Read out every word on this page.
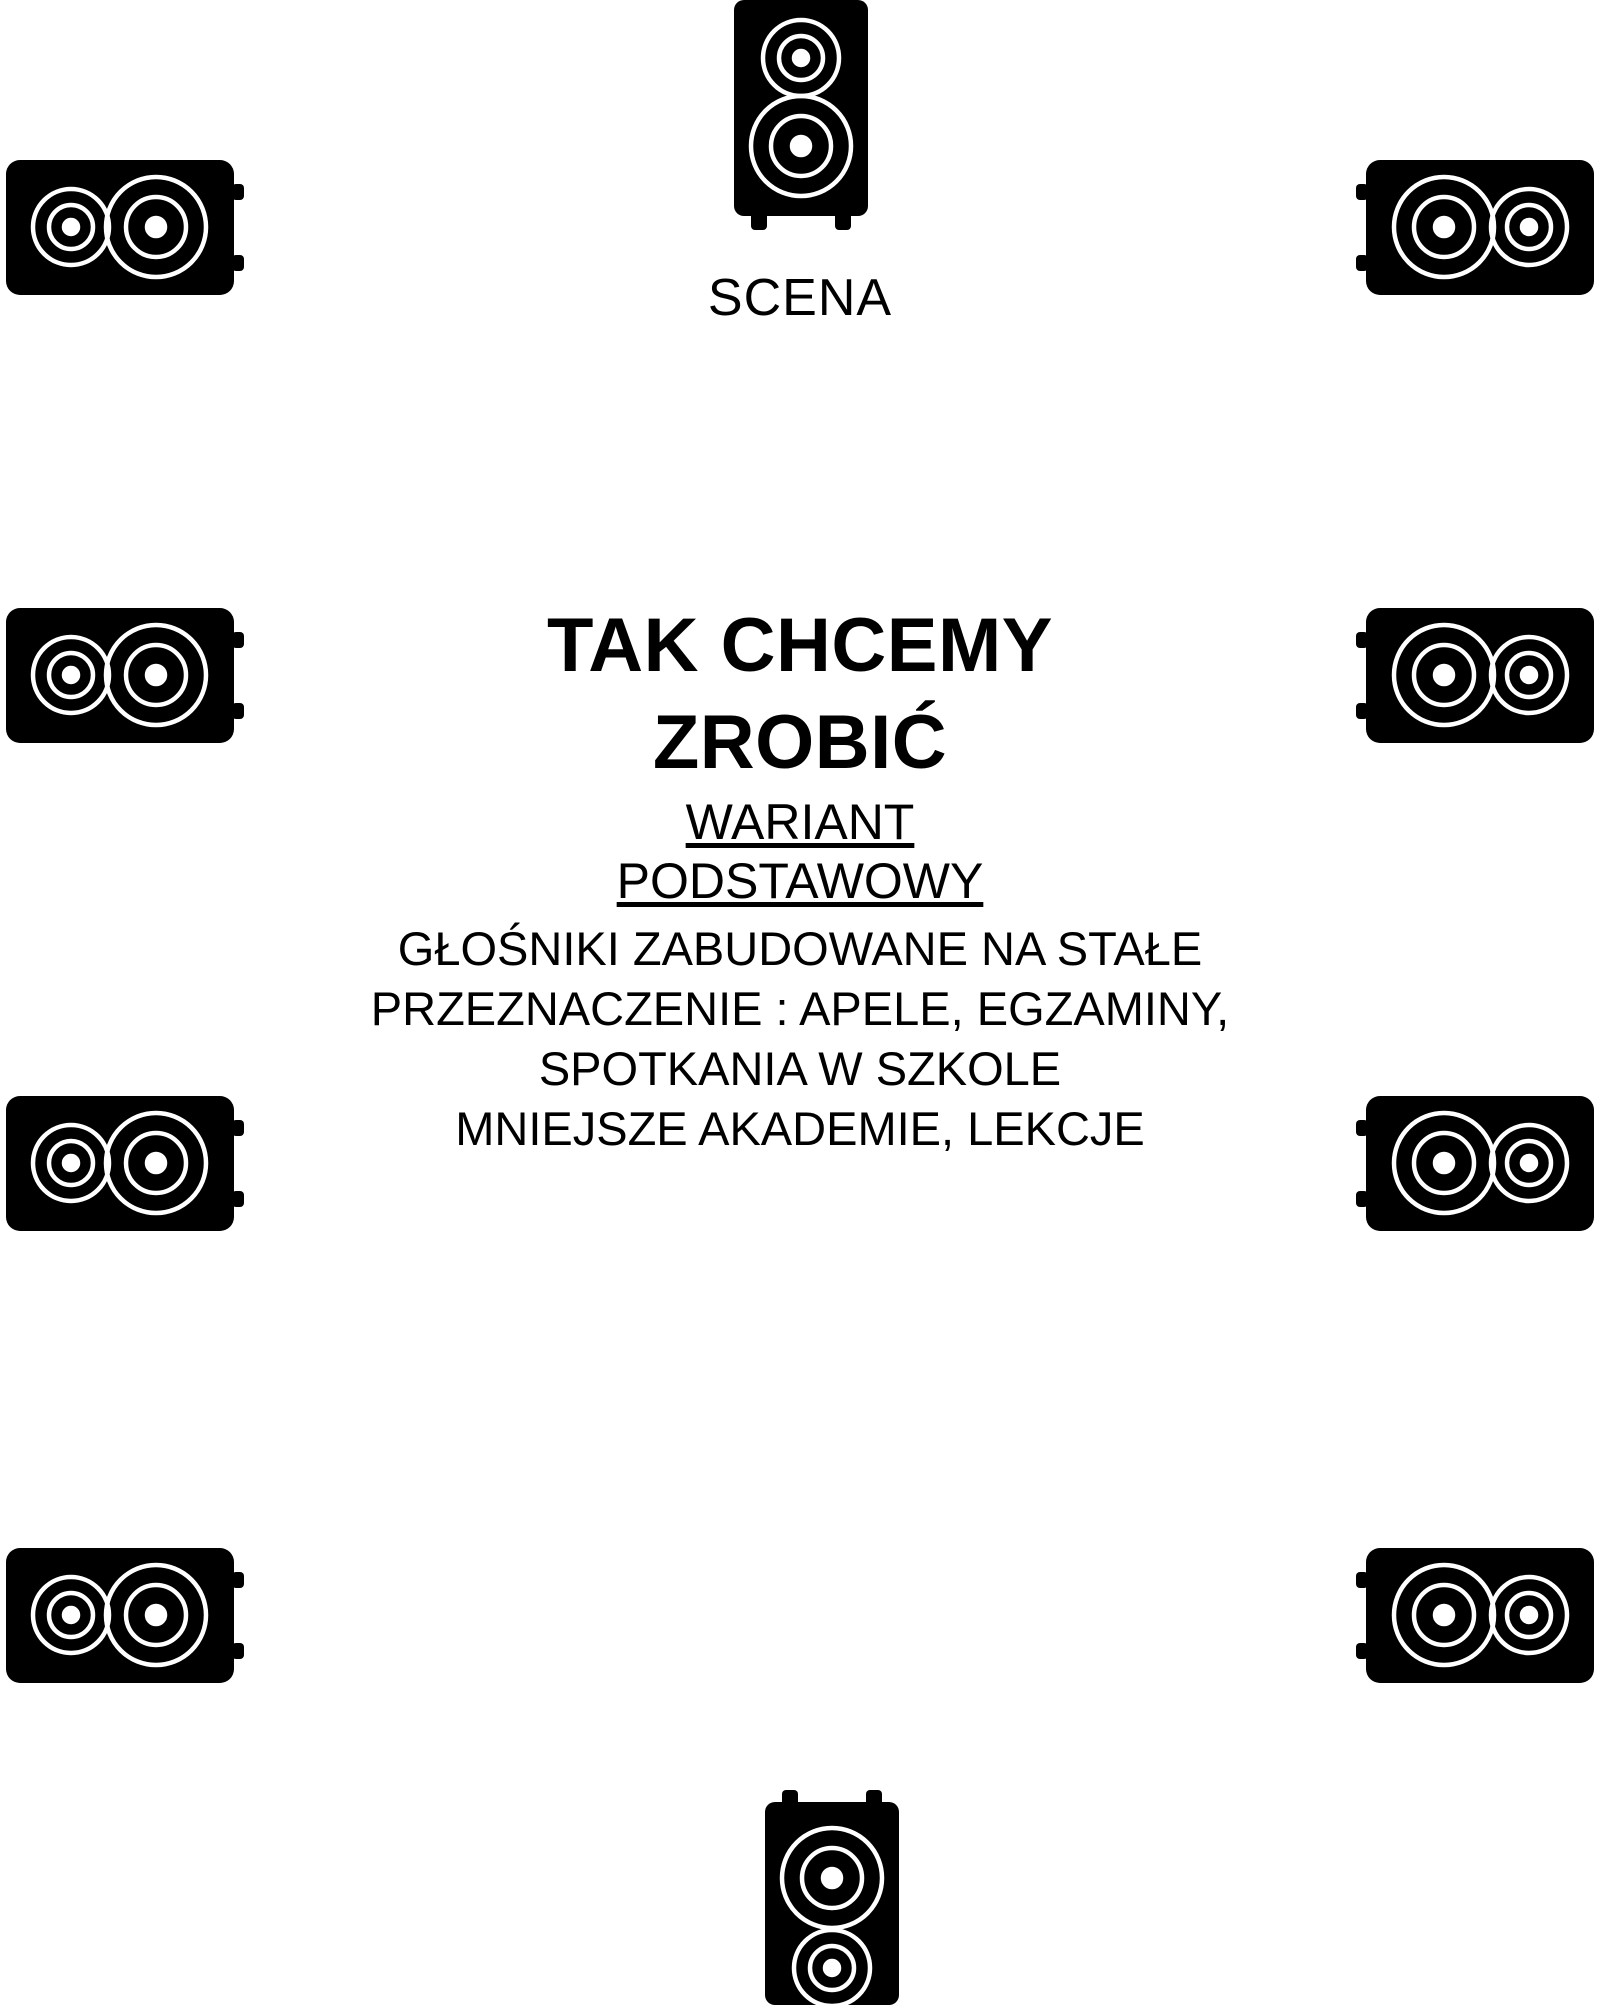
SCENA
TAK CHCEMY
ZROBIĆ
WARIANT
PODSTAWOWY
GŁOŚNIKI ZABUDOWANE NA STAŁE
PRZEZNACZENIE : APELE, EGZAMINY,
SPOTKANIA W SZKOLE
MNIEJSZE AKADEMIE, LEKCJE
